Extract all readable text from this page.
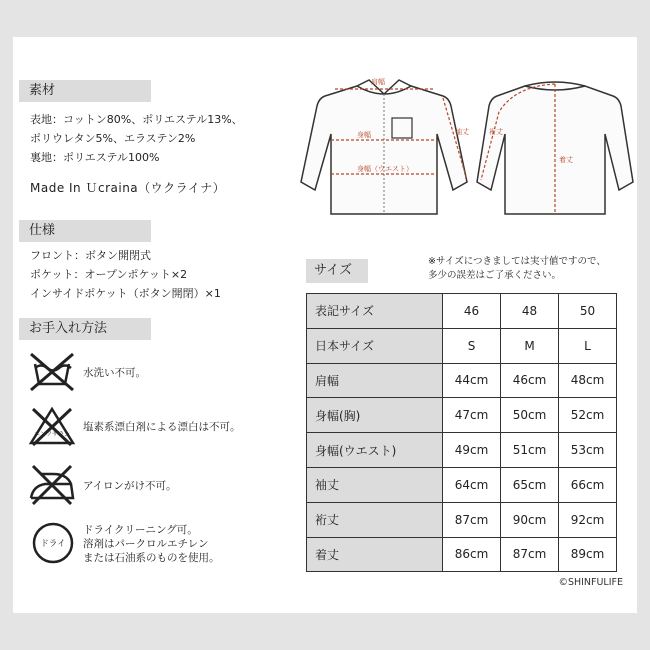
素材
表地：コットン80%、ポリエステル13%、
ポリウレタン5%、エラステン2%
裏地：ポリエステル100%
Made In Ｕcraina（ウクライナ）
仕様
フロント：ボタン開閉式
ポケット：オープンポケット×2
インサイドポケット（ボタン開閉）×1
お手入れ方法
水洗い不可。
エンソサラシ
塩素系漂白剤による漂白は不可。
アイロンがけ不可。
ドライ
ドライクリーニング可。
溶剤はパークロルエチレン
または石油系のものを使用。
肩幅
身幅
身幅（ウエスト）
袖丈	裄丈
着丈
サイズ
※サイズにつきましては実寸値ですので、
多少の誤差はご了承ください。
表記サイズ	46	48	50
日本サイズ	S	M	L
肩幅	44cm	46cm	48cm
身幅(胸)	47cm	50cm	52cm
身幅(ウエスト)	49cm	51cm	53cm
袖丈	64cm	65cm	66cm
裄丈	87cm	90cm	92cm
着丈	86cm	87cm	89cm
©SHINFULIFE
